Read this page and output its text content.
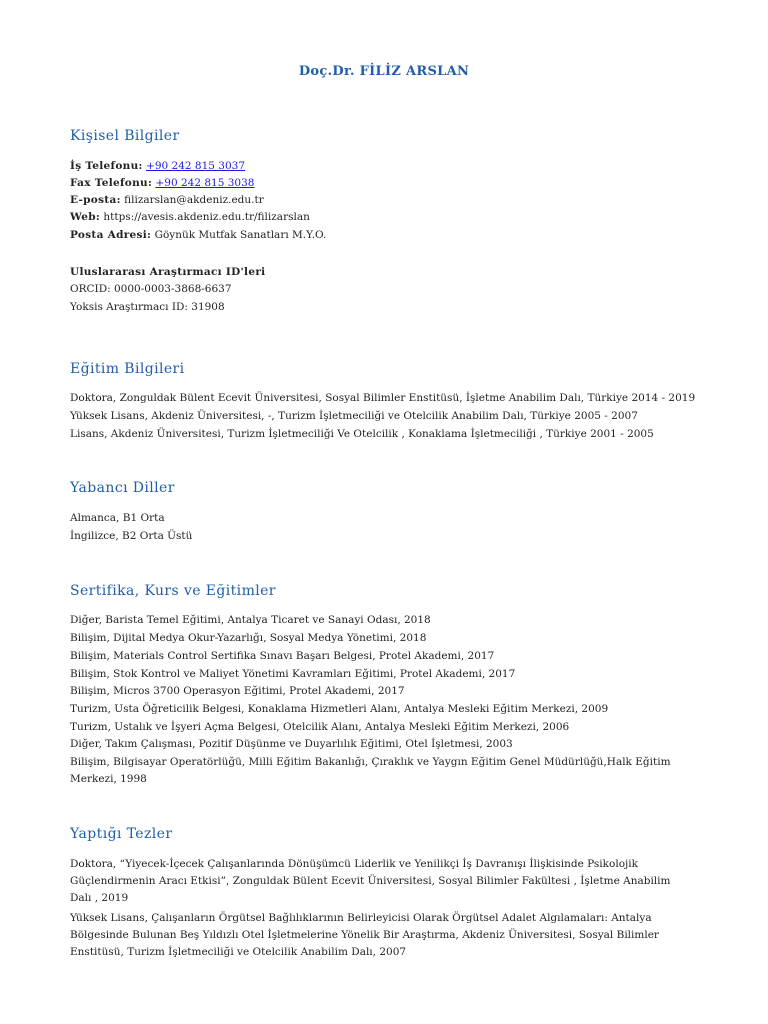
Doç.Dr. FİLİZ ARSLAN
Kişisel Bilgiler
İş Telefonu: +90 242 815 3037
Fax Telefonu: +90 242 815 3038
E-posta: filizarslan@akdeniz.edu.tr
Web: https://avesis.akdeniz.edu.tr/filizarslan
Posta Adresi: Göynük Mutfak Sanatları M.Y.O.
Uluslararası Araştırmacı ID'leri
ORCID: 0000-0003-3868-6637
Yoksis Araştırmacı ID: 31908
Eğitim Bilgileri
Doktora, Zonguldak Bülent Ecevit Üniversitesi, Sosyal Bilimler Enstitüsü, İşletme Anabilim Dalı, Türkiye 2014 - 2019
Yüksek Lisans, Akdeniz Üniversitesi, -, Turizm İşletmeciliği ve Otelcilik Anabilim Dalı, Türkiye 2005 - 2007
Lisans, Akdeniz Üniversitesi, Turizm İşletmeciliği Ve Otelcilik , Konaklama İşletmeciliği , Türkiye 2001 - 2005
Yabancı Diller
Almanca, B1 Orta
İngilizce, B2 Orta Üstü
Sertifika, Kurs ve Eğitimler
Diğer, Barista Temel Eğitimi, Antalya Ticaret ve Sanayi Odası, 2018
Bilişim, Dijital Medya Okur-Yazarlığı, Sosyal Medya Yönetimi, 2018
Bilişim, Materials Control Sertifika Sınavı Başarı Belgesi, Protel Akademi, 2017
Bilişim, Stok Kontrol ve Maliyet Yönetimi Kavramları Eğitimi, Protel Akademi, 2017
Bilişim, Micros 3700 Operasyon Eğitimi, Protel Akademi, 2017
Turizm, Usta Öğreticilik Belgesi, Konaklama Hizmetleri Alanı, Antalya Mesleki Eğitim Merkezi, 2009
Turizm, Ustalık ve İşyeri Açma Belgesi, Otelcilik Alanı, Antalya Mesleki Eğitim Merkezi, 2006
Diğer, Takım Çalışması, Pozitif Düşünme ve Duyarlılık Eğitimi, Otel İşletmesi, 2003
Bilişim, Bilgisayar Operatörlüğü, Milli Eğitim Bakanlığı, Çıraklık ve Yaygın Eğitim Genel Müdürlüğü,Halk Eğitim Merkezi, 1998
Yaptığı Tezler
Doktora, “Yiyecek-İçecek Çalışanlarında Dönüşümcü Liderlik ve Yenilikçi İş Davranışı İlişkisinde Psikolojik Güçlendirmenin Aracı Etkisi”, Zonguldak Bülent Ecevit Üniversitesi, Sosyal Bilimler Fakültesi , İşletme Anabilim Dalı , 2019
Yüksek Lisans, Çalışanların Örgütsel Bağlılıklarının Belirleyicisi Olarak Örgütsel Adalet Algılamaları: Antalya Bölgesinde Bulunan Beş Yıldızlı Otel İşletmelerine Yönelik Bir Araştırma, Akdeniz Üniversitesi, Sosyal Bilimler Enstitüsü, Turizm İşletmeciliği ve Otelcilik Anabilim Dalı, 2007
